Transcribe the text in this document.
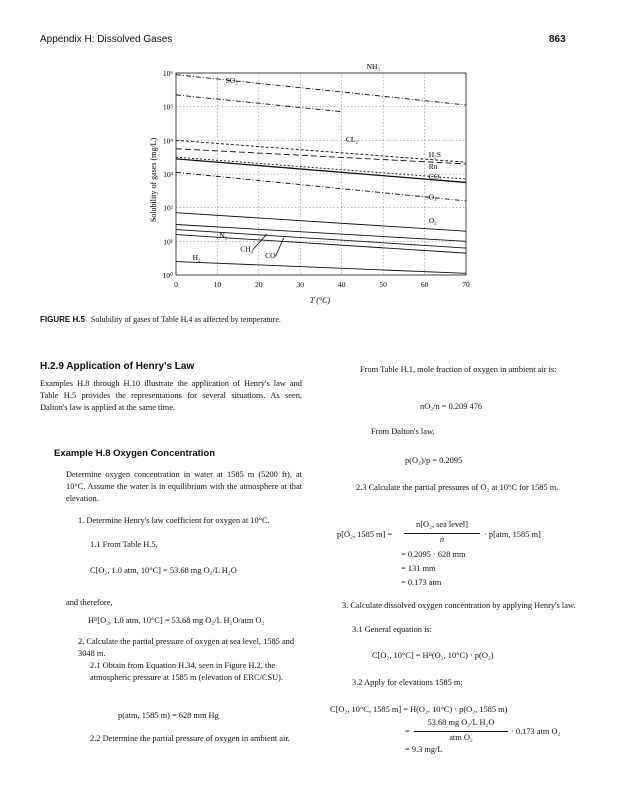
Appendix H: Dissolved Gases	863
0	10	20	30	40	50	60	70
10⁰
10¹
10²
10³
10⁴
10⁵
10⁶
NH₃
SO₂
CL₂
H₂S
Rn
CO₂
O₃
O₂
N₂
CH₄
CO
H₂
Solubility of gases (mg/L)
T (°C)
FIGURE H.5 Solubility of gases of Table H.4 as affected by temperature.
H.2.9 Application of Henry's Law
Examples H.8 through H.10 illustrate the application of Henry's law and Table H.5 provides the representations for several situations. As seen, Dalton's law is applied at the same time.
Example H.8 Oxygen Concentration
Determine oxygen concentration in water at 1585 m (5200 ft), at 10°C. Assume the water is in equilibrium with the atmosphere at that elevation.
1. Determine Henry's law coefficient for oxygen at 10°C.
1.1 From Table H.5,
C[O₂, 1.0 atm, 10°C] = 53.68 mg O₂/L H₂O
and therefore,
Hᴮ[O₂, 1.0 atm, 10°C] = 53.68 mg O₂/L H₂O/atm O₂
2. Calculate the partial pressure of oxygen at sea level, 1585 and 3048 m.
2.1 Obtain from Equation H.34, seen in Figure H.2, the atmospheric pressure at 1585 m (elevation of ERC/CSU).
p(atm, 1585 m) = 628 mm Hg
2.2 Determine the partial pressure of oxygen in ambient air.
From Table H.1, mole fraction of oxygen in ambient air is:
nO₂/n = 0.209 476
From Dalton's law,
p(O₂)/p = 0.2095
2.3 Calculate the partial pressures of O₂ at 10°C for 1585 m.
p[O₂, 1585 m] =
n[O₂, sea level]
n
· p[atm, 1585 m]
= 0.2095 · 628 mm
= 131 mm
= 0.173 atm
3. Calculate dissolved oxygen concentration by applying Henry's law.
3.1 General equation is:
C[O₂, 10°C] = Hᴮ(O₂, 10°C) · p(O₂)
3.2 Apply for elevations 1585 m:
C[O₂, 10°C, 1585 m] = H(O₂, 10°C) · p(O₂, 1585 m)
=
53.68 mg O₂/L H₂O
atm O₂
· 0.173 atm O₂
= 9.3 mg/L
